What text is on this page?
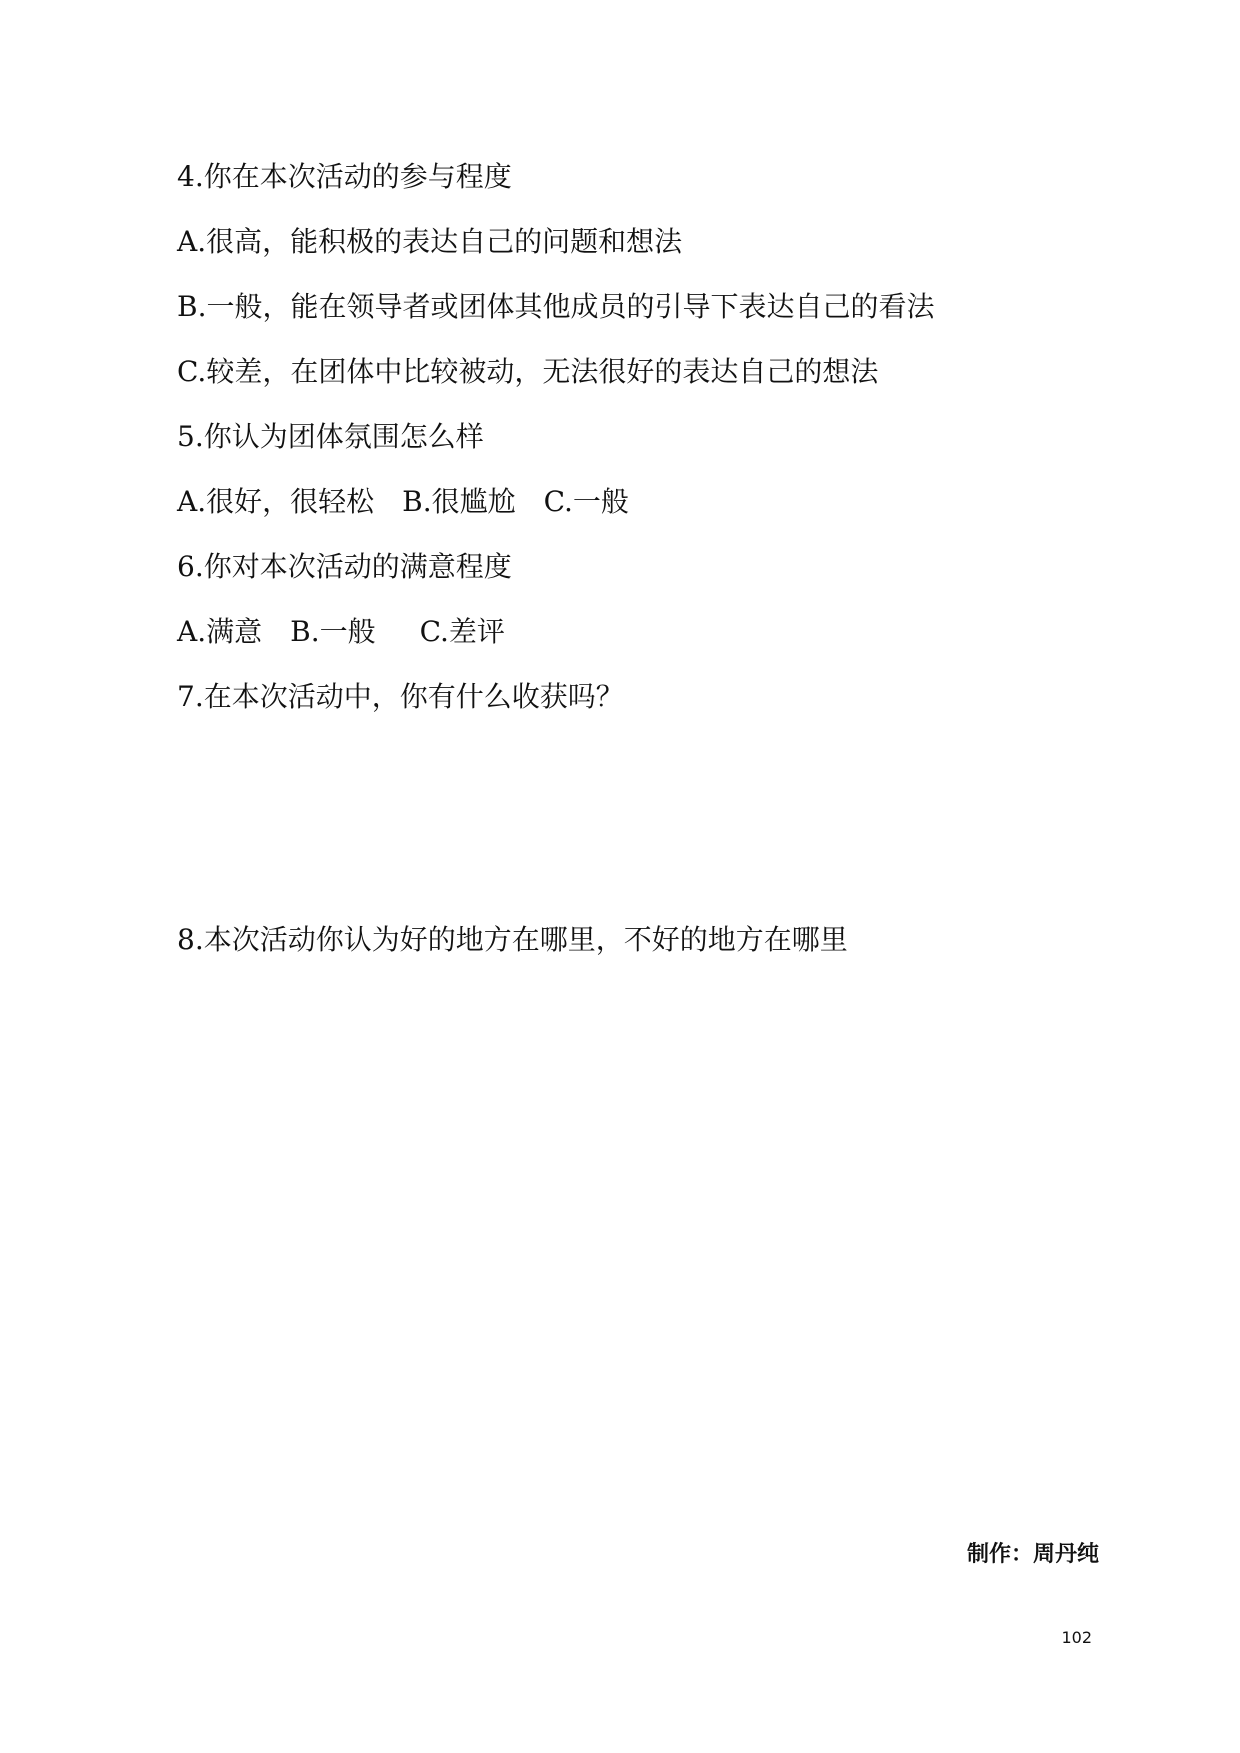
4.你在本次活动的参与程度
A.很高，能积极的表达自己的问题和想法
B.一般，能在领导者或团体其他成员的引导下表达自己的看法
C.较差，在团体中比较被动，无法很好的表达自己的想法
5.你认为团体氛围怎么样
A.很好，很轻松 B.很尴尬 C.一般
6.你对本次活动的满意程度
A.满意 B.一般 C.差评
7.在本次活动中，你有什么收获吗？
8.本次活动你认为好的地方在哪里，不好的地方在哪里
制作：周丹纯
102
